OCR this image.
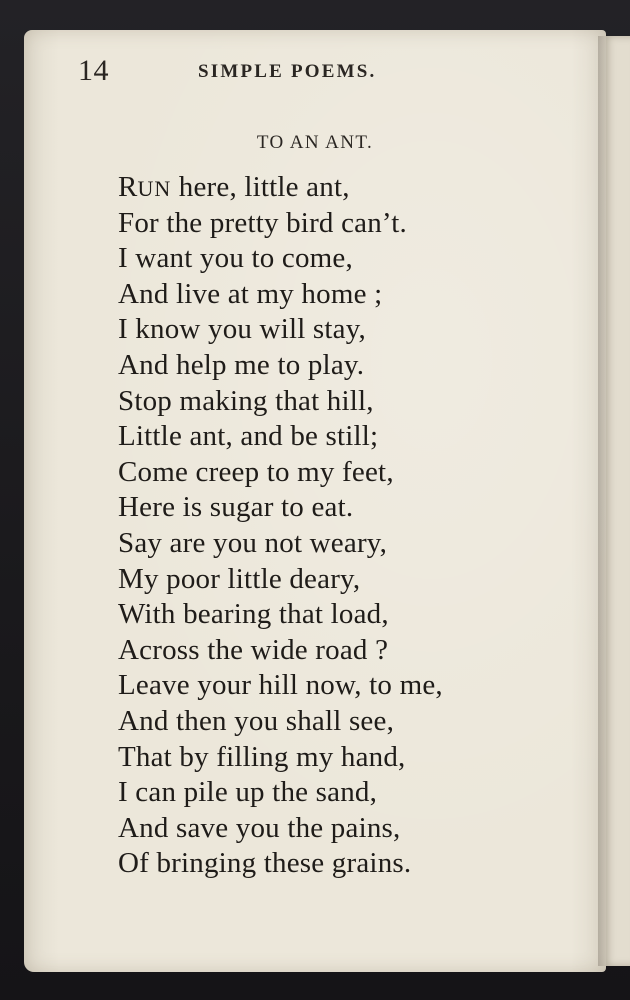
14	SIMPLE POEMS.
TO AN ANT.
RUN here, little ant,
For the pretty bird can’t.
I want you to come,
And live at my home ;
I know you will stay,
And help me to play.
Stop making that hill,
Little ant, and be still;
Come creep to my feet,
Here is sugar to eat.
Say are you not weary,
My poor little deary,
With bearing that load,
Across the wide road ?
Leave your hill now, to me,
And then you shall see,
That by filling my hand,
I can pile up the sand,
And save you the pains,
Of bringing these grains.
